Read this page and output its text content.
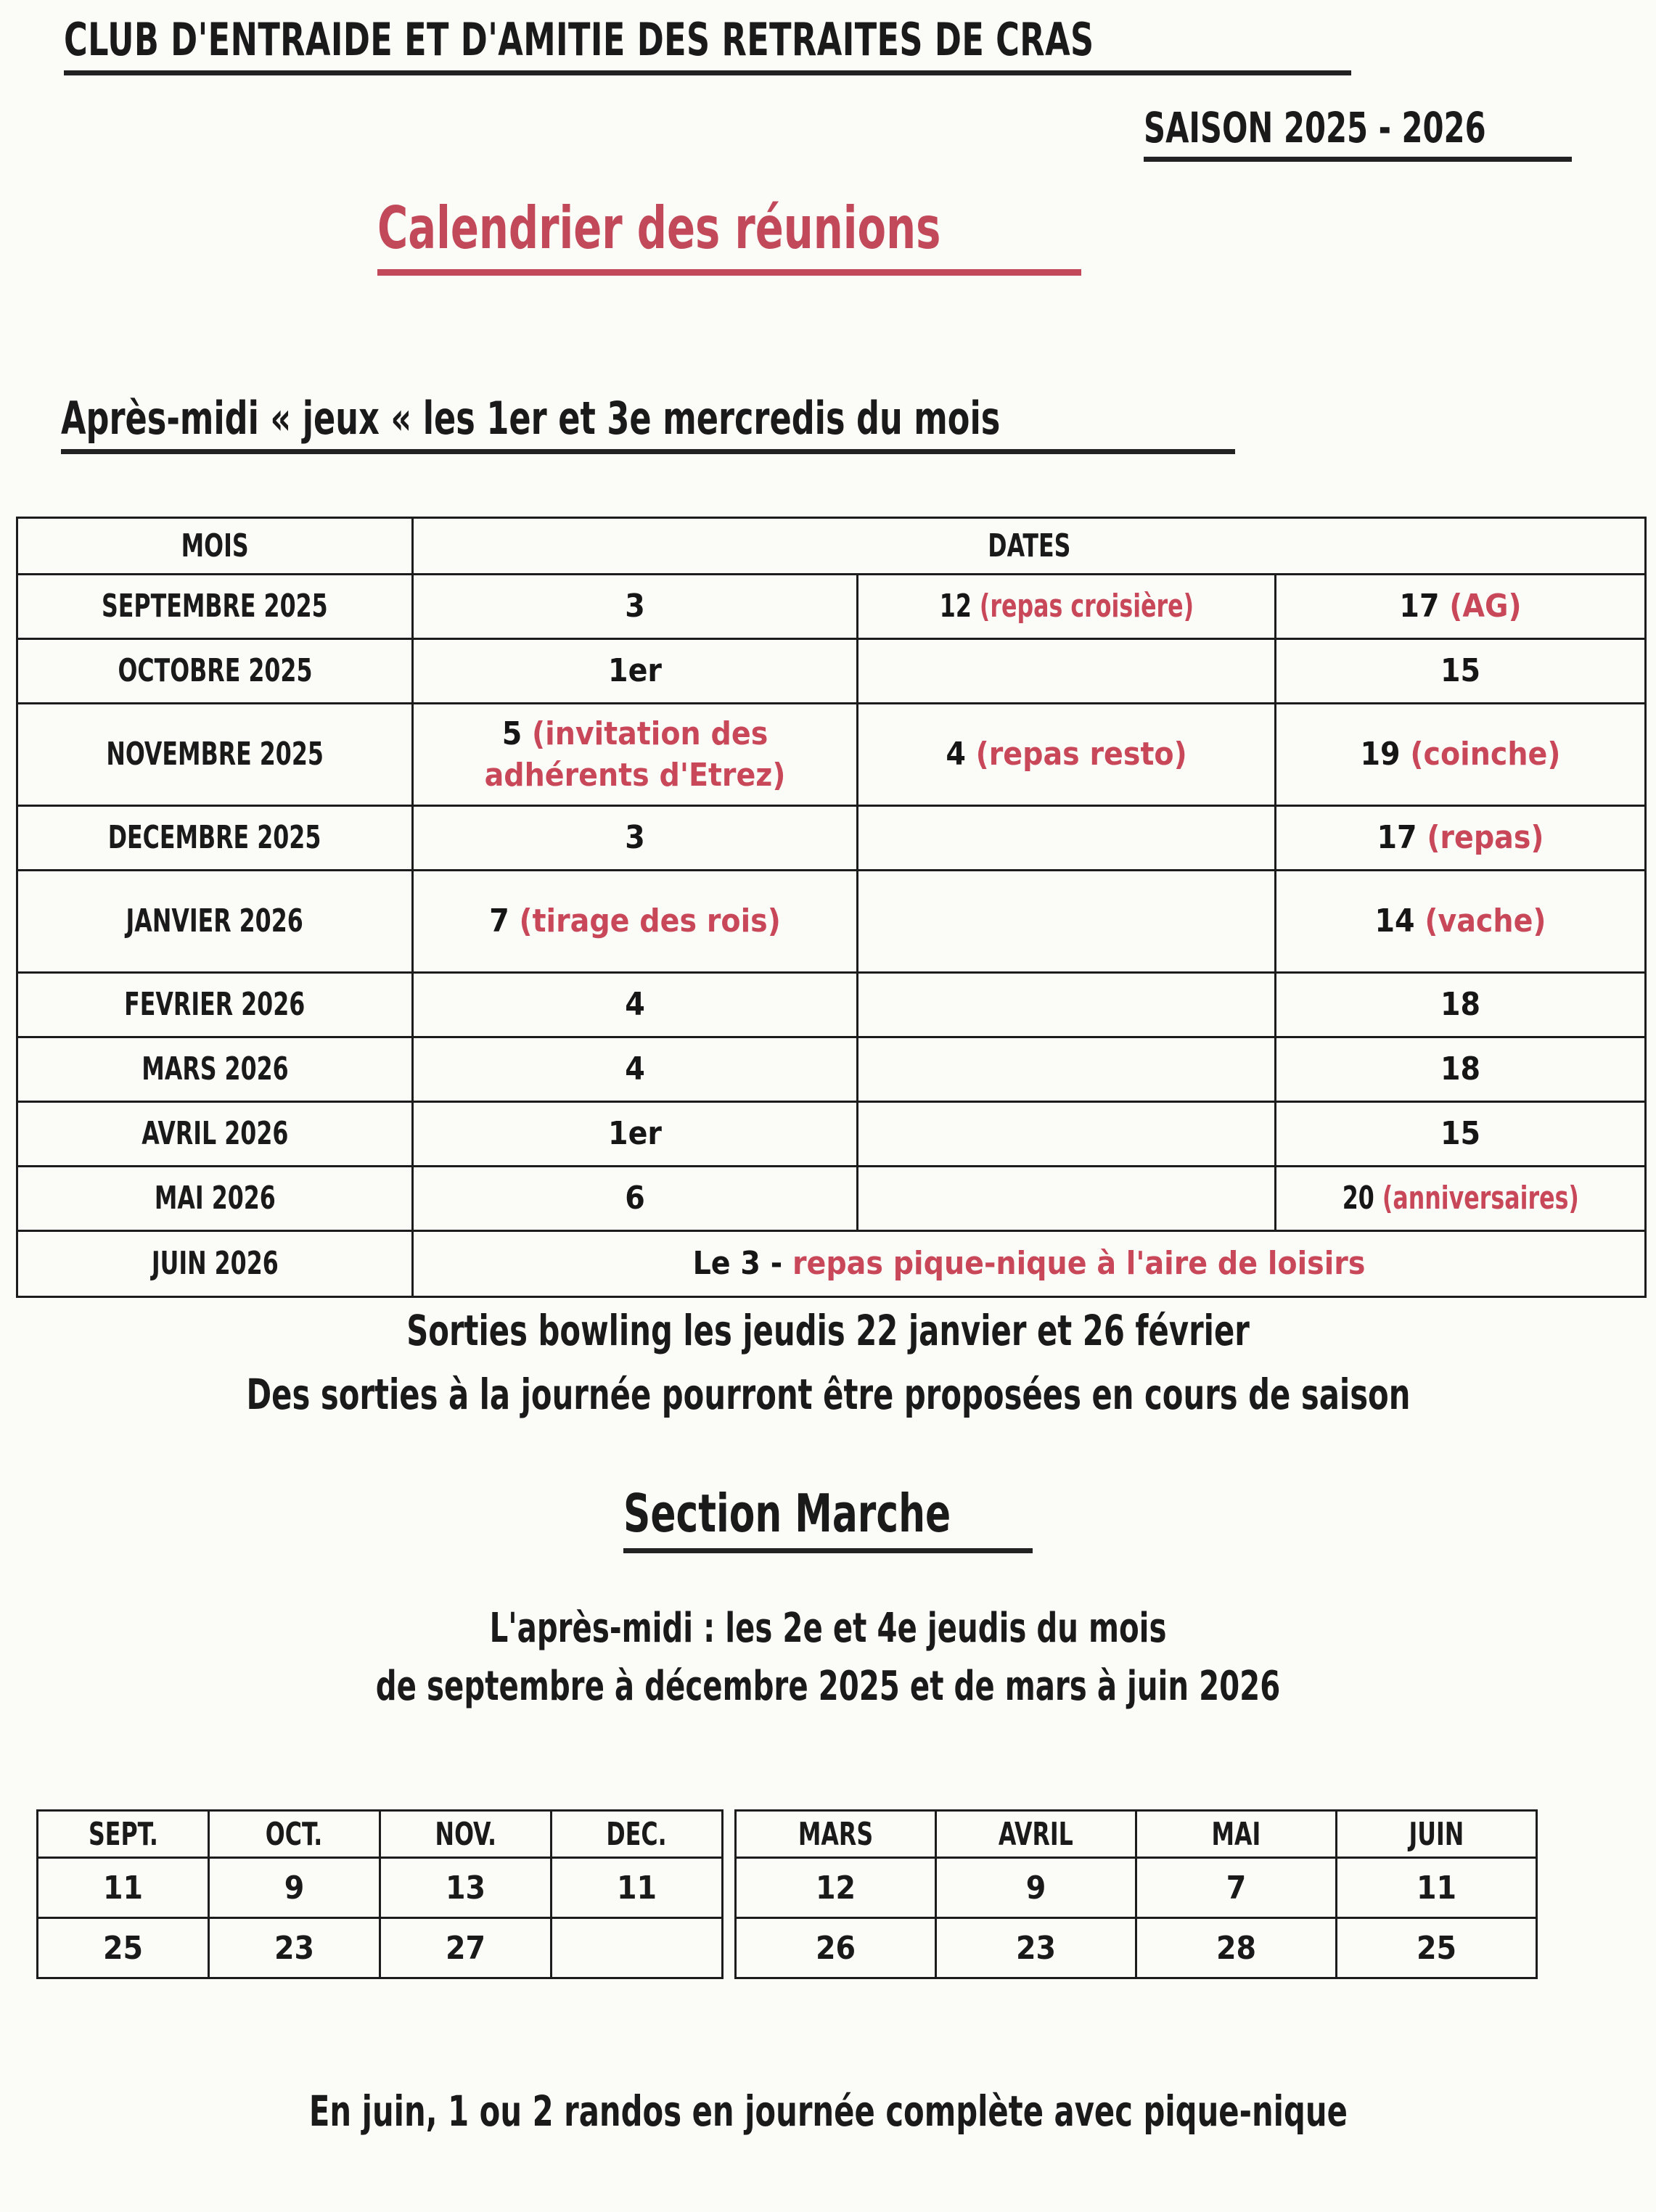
CLUB D'ENTRAIDE ET D'AMITIE DES RETRAITES DE CRAS
SAISON 2025 - 2026
Calendrier des réunions
Après-midi « jeux « les 1er et 3e mercredis du mois
MOIS	DATES		
SEPTEMBRE 2025	3	12 (repas croisière)	17 (AG)
OCTOBRE 2025	1er		15
NOVEMBRE 2025	5 (invitation des adhérents d'Etrez)	4 (repas resto)	19 (coinche)
DECEMBRE 2025	3		17 (repas)
JANVIER 2026	7 (tirage des rois)		14 (vache)
FEVRIER 2026	4		18
MARS 2026	4		18
AVRIL 2026	1er		15
MAI 2026	6		20 (anniversaires)
JUIN 2026	Le 3 - repas pique-nique à l'aire de loisirs		
Sorties bowling les jeudis 22 janvier et 26 février
Des sorties à la journée pourront être proposées en cours de saison
Section Marche
L'après-midi : les 2e et 4e jeudis du mois
de septembre à décembre 2025 et de mars à juin 2026
SEPT.	OCT.	NOV.	DEC.
11	9	13	11
25	23	27	
MARS	AVRIL	MAI	JUIN
12	9	7	11
26	23	28	25
En juin, 1 ou 2 randos en journée complète avec pique-nique
